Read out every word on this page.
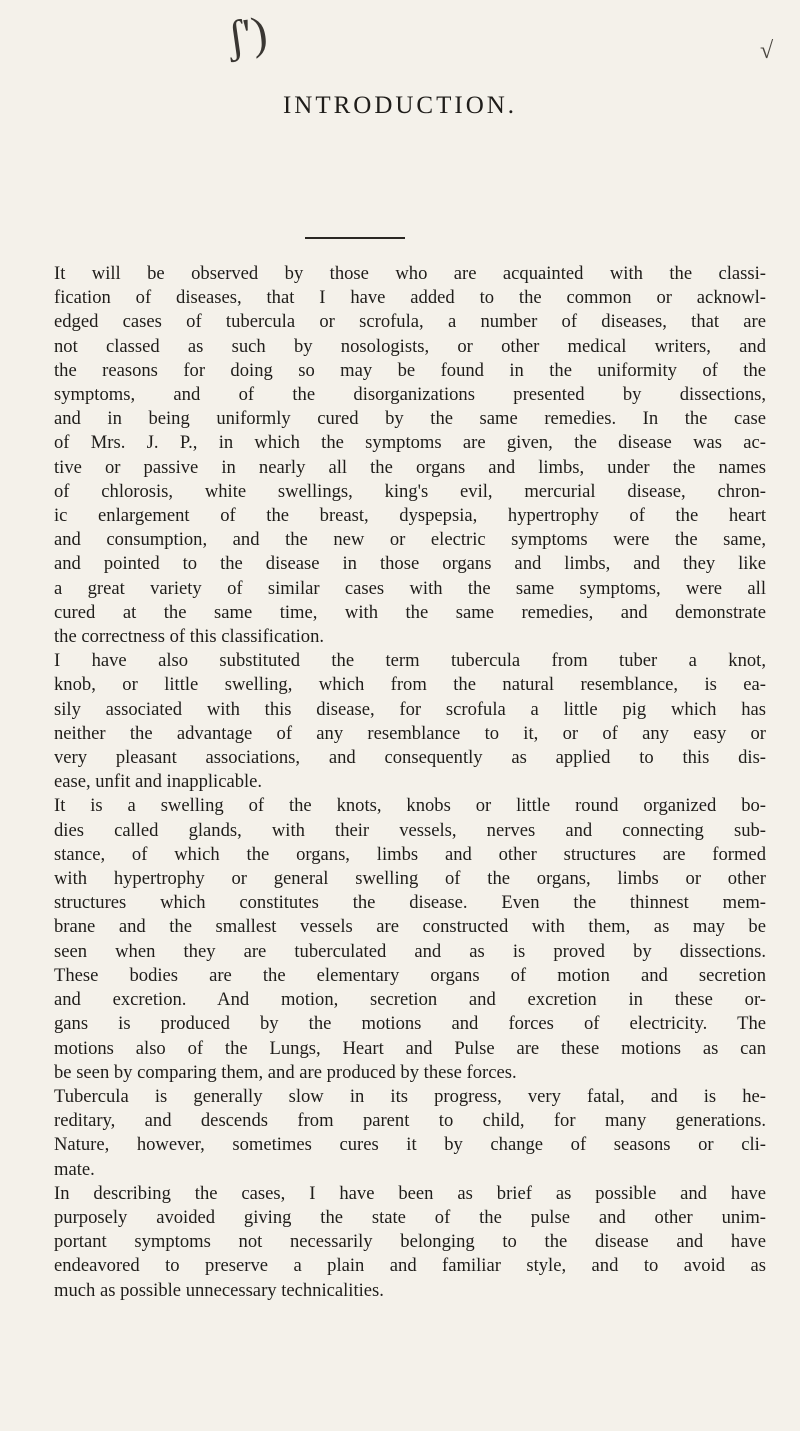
ʃ')	√
INTRODUCTION.
It will be observed by those who are acquainted with the classi-
fication of diseases, that I have added to the common or acknowl-
edged cases of tubercula or scrofula, a number of diseases, that are
not classed as such by nosologists, or other medical writers, and
the reasons for doing so may be found in the uniformity of the
symptoms, and of the disorganizations presented by dissections,
and in being uniformly cured by the same remedies. In the case
of Mrs. J. P., in which the symptoms are given, the disease was ac-
tive or passive in nearly all the organs and limbs, under the names
of chlorosis, white swellings, king's evil, mercurial disease, chron-
ic enlargement of the breast, dyspepsia, hypertrophy of the heart
and consumption, and the new or electric symptoms were the same,
and pointed to the disease in those organs and limbs, and they like
a great variety of similar cases with the same symptoms, were all
cured at the same time, with the same remedies, and demonstrate
the correctness of this classification.
I have also substituted the term tubercula from tuber a knot,
knob, or little swelling, which from the natural resemblance, is ea-
sily associated with this disease, for scrofula a little pig which has
neither the advantage of any resemblance to it, or of any easy or
very pleasant associations, and consequently as applied to this dis-
ease, unfit and inapplicable.
It is a swelling of the knots, knobs or little round organized bo-
dies called glands, with their vessels, nerves and connecting sub-
stance, of which the organs, limbs and other structures are formed
with hypertrophy or general swelling of the organs, limbs or other
structures which constitutes the disease. Even the thinnest mem-
brane and the smallest vessels are constructed with them, as may be
seen when they are tuberculated and as is proved by dissections.
These bodies are the elementary organs of motion and secretion
and excretion. And motion, secretion and excretion in these or-
gans is produced by the motions and forces of electricity. The
motions also of the Lungs, Heart and Pulse are these motions as can
be seen by comparing them, and are produced by these forces.
Tubercula is generally slow in its progress, very fatal, and is he-
reditary, and descends from parent to child, for many generations.
Nature, however, sometimes cures it by change of seasons or cli-
mate.
In describing the cases, I have been as brief as possible and have
purposely avoided giving the state of the pulse and other unim-
portant symptoms not necessarily belonging to the disease and have
endeavored to preserve a plain and familiar style, and to avoid as
much as possible unnecessary technicalities.
